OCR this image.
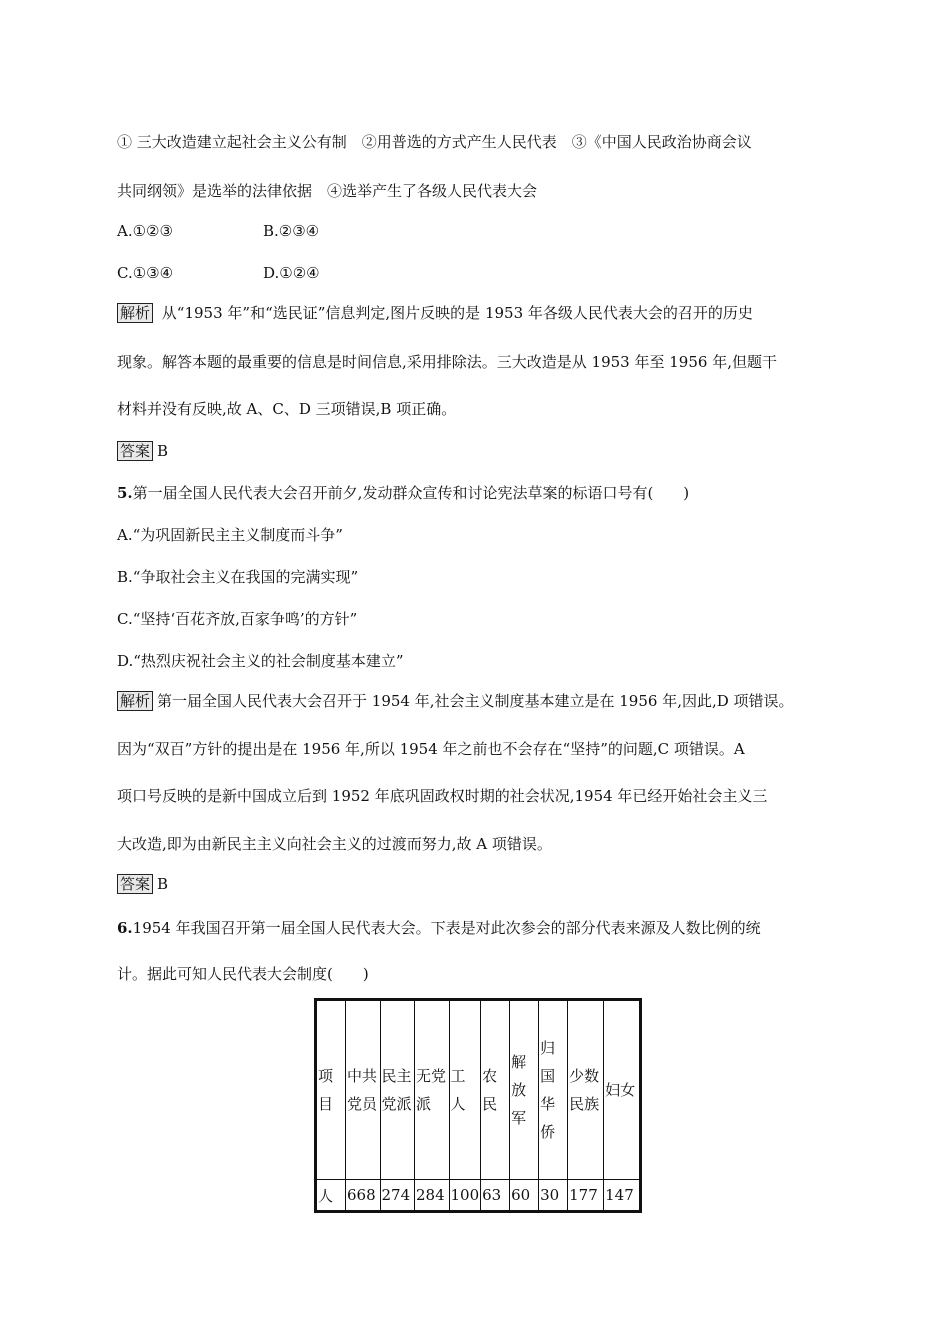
① 三大改造建立起社会主义公有制　②用普选的方式产生人民代表　③《中国人民政治协商会议
共同纲领》是选举的法律依据　④选举产生了各级人民代表大会
A.①②③	B.②③④
C.①③④	D.①②④
解析 从“1953 年”和“选民证”信息判定,图片反映的是 1953 年各级人民代表大会的召开的历史
现象。解答本题的最重要的信息是时间信息,采用排除法。三大改造是从 1953 年至 1956 年,但题干
材料并没有反映,故 A、C、D 三项错误,B 项正确。
答案 B
5.第一届全国人民代表大会召开前夕,发动群众宣传和讨论宪法草案的标语口号有(　　)
A.“为巩固新民主主义制度而斗争”
B.“争取社会主义在我国的完满实现”
C.“坚持‘百花齐放,百家争鸣’的方针”
D.“热烈庆祝社会主义的社会制度基本建立”
解析 第一届全国人民代表大会召开于 1954 年,社会主义制度基本建立是在 1956 年,因此,D 项错误。
因为“双百”方针的提出是在 1956 年,所以 1954 年之前也不会存在“坚持”的问题,C 项错误。A
项口号反映的是新中国成立后到 1952 年底巩固政权时期的社会状况,1954 年已经开始社会主义三
大改造,即为由新民主主义向社会主义的过渡而努力,故 A 项错误。
答案 B
6.1954 年我国召开第一届全国人民代表大会。下表是对此次参会的部分代表来源及人数比例的统
计。据此可知人民代表大会制度(　　)
项目	中共党员	民主党派	无党派	工人	农民	解放军	归国华侨	少数民族	妇女
人	668	274	284	100	63	60	30	177	147
